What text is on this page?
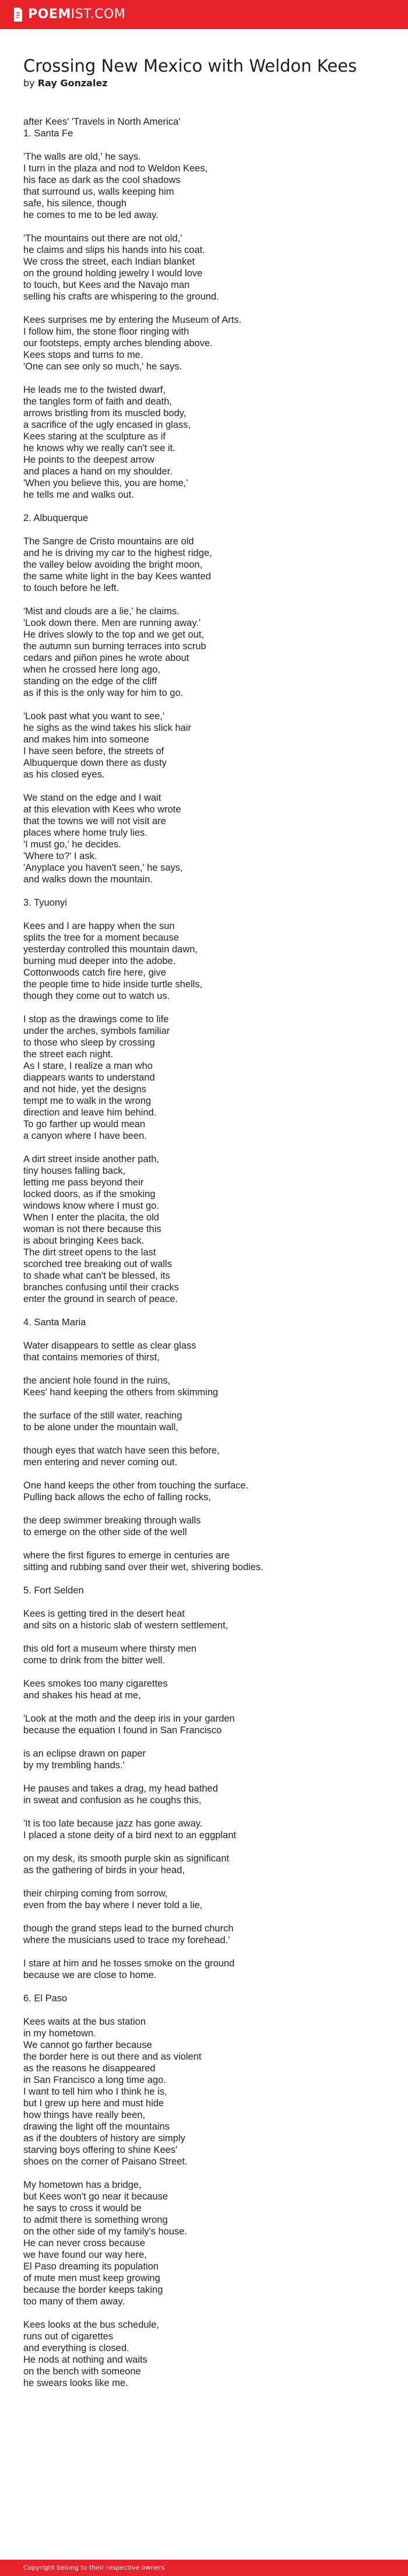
POEMIST.COM
Crossing New Mexico with Weldon Kees
by Ray Gonzalez

after Kees' 'Travels in North America'
1. Santa Fe

'The walls are old,' he says.
I turn in the plaza and nod to Weldon Kees,
his face as dark as the cool shadows
that surround us, walls keeping him
safe, his silence, though
he comes to me to be led away.

'The mountains out there are not old,'
he claims and slips his hands into his coat.
We cross the street, each Indian blanket
on the ground holding jewelry I would love
to touch, but Kees and the Navajo man
selling his crafts are whispering to the ground.

Kees surprises me by entering the Museum of Arts.
I follow him, the stone floor ringing with
our footsteps, empty arches blending above.
Kees stops and turns to me.
'One can see only so much,' he says.

He leads me to the twisted dwarf,
the tangles form of faith and death,
arrows bristling from its muscled body,
a sacrifice of the ugly encased in glass,
Kees staring at the sculpture as if
he knows why we really can't see it.
He points to the deepest arrow
and places a hand on my shoulder.
'When you believe this, you are home,'
he tells me and walks out.

2. Albuquerque

The Sangre de Cristo mountains are old
and he is driving my car to the highest ridge,
the valley below avoiding the bright moon,
the same white light in the bay Kees wanted
to touch before he left.

'Mist and clouds are a lie,' he claims.
'Look down there. Men are running away.'
He drives slowly to the top and we get out,
the autumn sun burning terraces into scrub
cedars and piñon pines he wrote about
when he crossed here long ago,
standing on the edge of the cliff
as if this is the only way for him to go.

'Look past what you want to see,'
he sighs as the wind takes his slick hair
and makes him into someone
I have seen before, the streets of
Albuquerque down there as dusty
as his closed eyes.

We stand on the edge and I wait
at this elevation with Kees who wrote
that the towns we will not visit are
places where home truly lies.
'I must go,' he decides.
'Where to?' I ask.
'Anyplace you haven't seen,' he says,
and walks down the mountain.

3. Tyuonyi

Kees and I are happy when the sun
splits the tree for a moment because
yesterday controlled this mountain dawn,
burning mud deeper into the adobe.
Cottonwoods catch fire here, give
the people time to hide inside turtle shells,
though they come out to watch us.

I stop as the drawings come to life
under the arches, symbols familiar
to those who sleep by crossing
the street each night.
As I stare, I realize a man who
diappears wants to understand
and not hide, yet the designs
tempt me to walk in the wrong
direction and leave him behind.
To go farther up would mean
a canyon where I have been.

A dirt street inside another path,
tiny houses falling back,
letting me pass beyond their
locked doors, as if the smoking
windows know where I must go.
When I enter the placita, the old
woman is not there because this
is about bringing Kees back.
The dirt street opens to the last
scorched tree breaking out of walls
to shade what can't be blessed, its
branches confusing until their cracks
enter the ground in search of peace.

4. Santa Maria

Water disappears to settle as clear glass
that contains memories of thirst,

the ancient hole found in the ruins,
Kees' hand keeping the others from skimming

the surface of the still water, reaching
to be alone under the mountain wall,

though eyes that watch have seen this before,
men entering and never coming out.

One hand keeps the other from touching the surface.
Pulling back allows the echo of falling rocks,

the deep swimmer breaking through walls
to emerge on the other side of the well

where the first figures to emerge in centuries are
sitting and rubbing sand over their wet, shivering bodies.

5. Fort Selden

Kees is getting tired in the desert heat
and sits on a historic slab of western settlement,

this old fort a museum where thirsty men
come to drink from the bitter well.

Kees smokes too many cigarettes
and shakes his head at me,

'Look at the moth and the deep iris in your garden
because the equation I found in San Francisco

is an eclipse drawn on paper
by my trembling hands.'

He pauses and takes a drag, my head bathed
in sweat and confusion as he coughs this,

'It is too late because jazz has gone away.
I placed a stone deity of a bird next to an eggplant

on my desk, its smooth purple skin as significant
as the gathering of birds in your head,

their chirping coming from sorrow,
even from the bay where I never told a lie,

though the grand steps lead to the burned church
where the musicians used to trace my forehead.'

I stare at him and he tosses smoke on the ground
because we are close to home.

6. El Paso

Kees waits at the bus station
in my hometown.
We cannot go farther because
the border here is out there and as violent
as the reasons he disappeared
in San Francisco a long time ago.
I want to tell him who I think he is,
but I grew up here and must hide
how things have really been,
drawing the light off the mountains
as if the doubters of history are simply
starving boys offering to shine Kees'
shoes on the corner of Paisano Street.

My hometown has a bridge,
but Kees won't go near it because
he says to cross it would be
to admit there is something wrong
on the other side of my family's house.
He can never cross because
we have found our way here,
El Paso dreaming its population
of mute men must keep growing
because the border keeps taking
too many of them away.

Kees looks at the bus schedule,
runs out of cigarettes
and everything is closed.
He nods at nothing and waits
on the bench with someone
he swears looks like me.

Copyright belong to their respective owners
